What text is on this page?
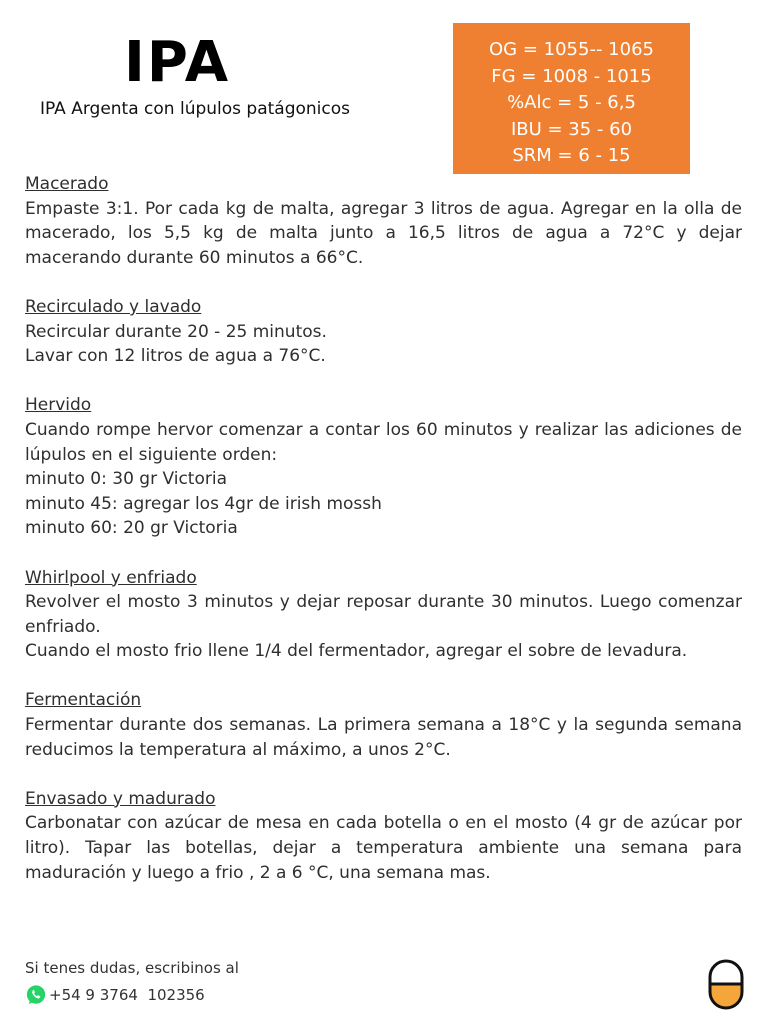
IPA
IPA Argenta con lúpulos patágonicos
OG = 1055-- 1065
FG = 1008 - 1015
%Alc = 5 - 6,5
IBU = 35 - 60
SRM = 6 - 15
Macerado

Empaste 3:1. Por cada kg de malta, agregar 3 litros de agua. Agregar en la olla de macerado, los 5,5 kg de malta junto a 16,5 litros de agua a 72°C y dejar macerando durante 60 minutos a 66°C.

Recirculado y lavado

Recircular durante 20 - 25 minutos.

Lavar con 12 litros de agua a 76°C.

Hervido

Cuando rompe hervor comenzar a contar los 60 minutos y realizar las adiciones de lúpulos en el siguiente orden:

minuto 0: 30 gr Victoria

minuto 45: agregar los 4gr de irish mossh

minuto 60: 20 gr Victoria

Whirlpool y enfriado

Revolver el mosto 3 minutos y dejar reposar durante 30 minutos. Luego comenzar enfriado.

Cuando el mosto frio llene 1/4 del fermentador, agregar el sobre de levadura.

Fermentación

Fermentar durante dos semanas. La primera semana a 18°C y la segunda semana reducimos la temperatura al máximo, a unos 2°C.

Envasado y madurado

Carbonatar con azúcar de mesa en cada botella o en el mosto (4 gr de azúcar por litro). Tapar las botellas, dejar a temperatura ambiente una semana para maduración y luego a frio , 2 a 6 °C, una semana mas.

Si tenes dudas, escribinos al
+54 9 3764  102356
